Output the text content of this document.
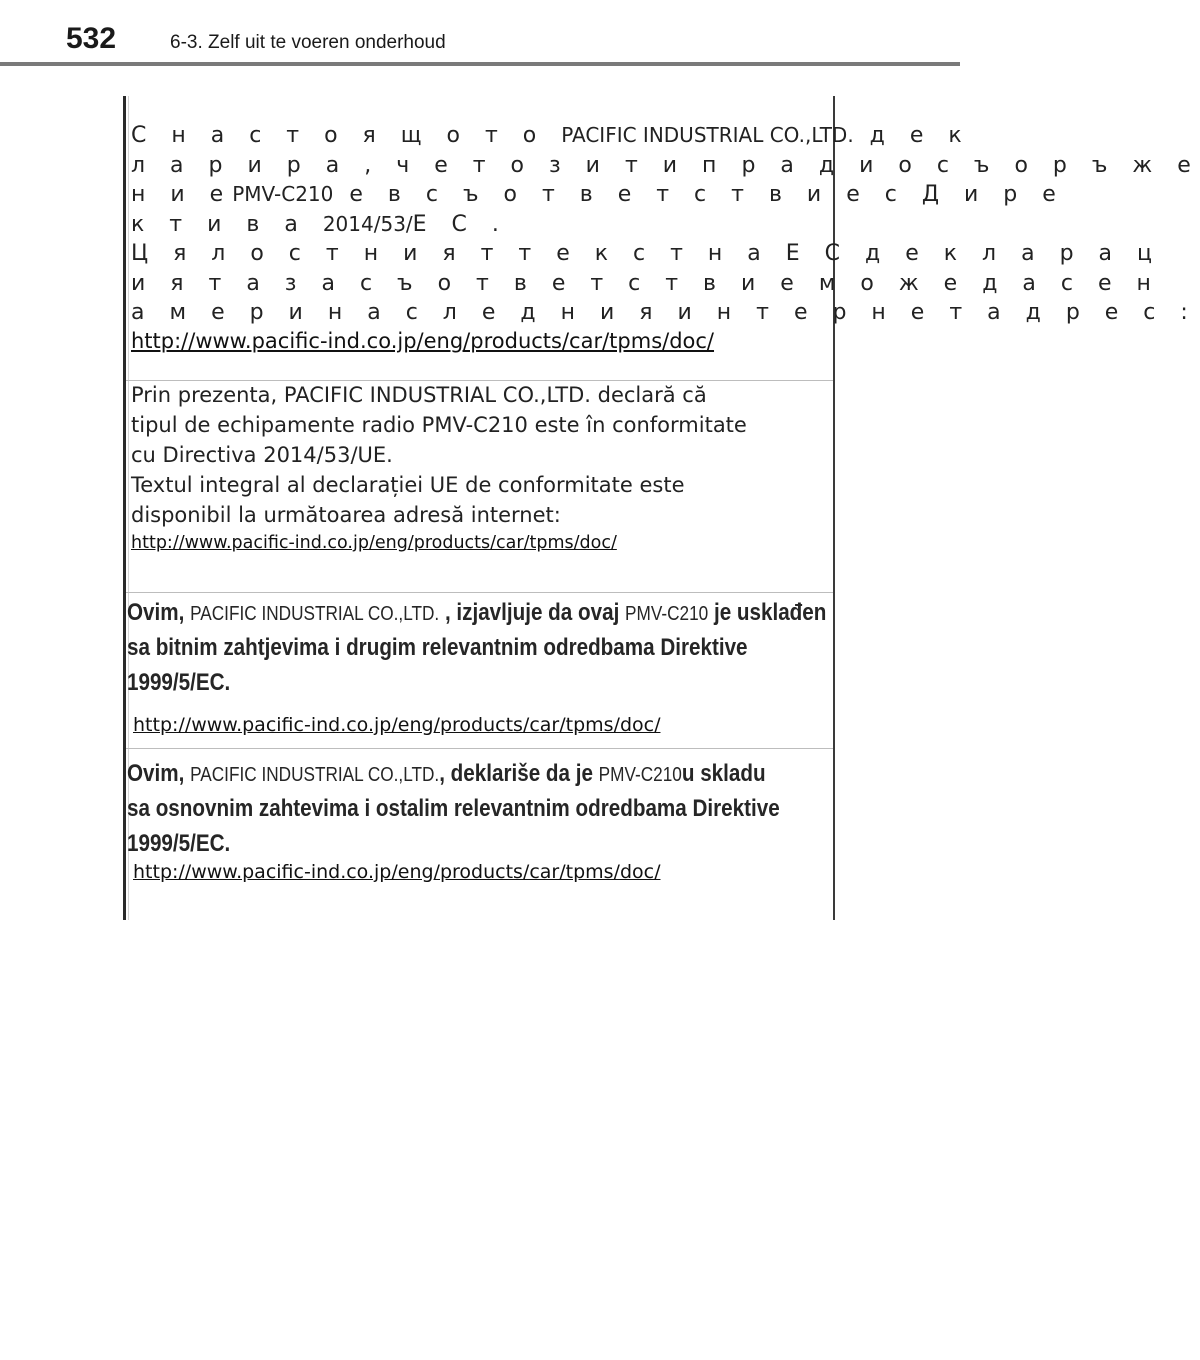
532	6-3. Zelf uit te voeren onderhoud
С н а с т о я щ о т о PACIFIC INDUSTRIAL CO.,LTD. д е к
л а р и р а , ч е т о з и т и п р а д и о с ъ о р ъ ж е
н и еPMV-C210 е в с ъ о т в е т с т в и е с Д и р е
к т и в а 2014/53/Е С .
Ц я л о с т н и я т т е к с т н а Е С д е к л а р а ц
и я т а з а с ъ о т в е т с т в и е м о ж е д а с е н
а м е р и н а с л е д н и я и н т е р н е т а д р е с :
http://www.pacific-ind.co.jp/eng/products/car/tpms/doc/
Prin prezenta, PACIFIC INDUSTRIAL CO.,LTD. declară că
tipul de echipamente radio PMV-C210 este în conformitate
cu Directiva 2014/53/UE.
Textul integral al declarației UE de conformitate este
disponibil la următoarea adresă internet:
http://www.pacific-ind.co.jp/eng/products/car/tpms/doc/
Ovim, PACIFIC INDUSTRIAL CO.,LTD. , izjavljuje da ovaj PMV-C210 je usklađen
sa bitnim zahtjevima i drugim relevantnim odredbama Direktive
1999/5/EC.
http://www.pacific-ind.co.jp/eng/products/car/tpms/doc/
Ovim, PACIFIC INDUSTRIAL CO.,LTD., deklariše da je PMV-C210u skladu
sa osnovnim zahtevima i ostalim relevantnim odredbama Direktive
1999/5/EC.
http://www.pacific-ind.co.jp/eng/products/car/tpms/doc/
